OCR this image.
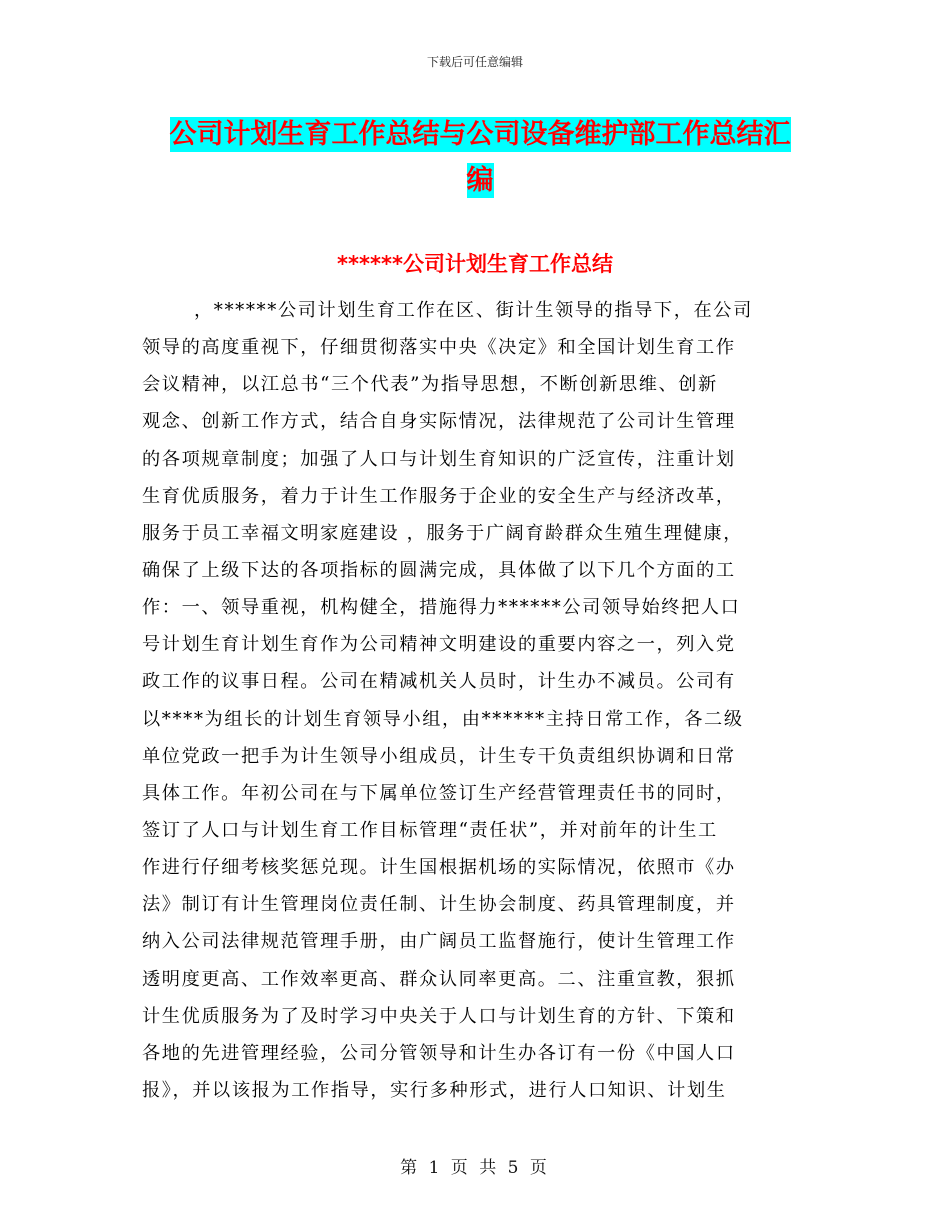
下载后可任意编辑
公司计划生育工作总结与公司设备维护部工作总结汇
编
******公司计划生育工作总结
，******公司计划生育工作在区、街计生领导的指导下，在公司
领导的高度重视下，仔细贯彻落实中央《决定》和全国计划生育工作
会议精神，以江总书“三个代表”为指导思想，不断创新思维、创新
观念、创新工作方式，结合自身实际情况，法律规范了公司计生管理
的各项规章制度；加强了人口与计划生育知识的广泛宣传，注重计划
生育优质服务，着力于计生工作服务于企业的安全生产与经济改革，
服务于员工幸福文明家庭建设 ，服务于广阔育龄群众生殖生理健康，
确保了上级下达的各项指标的圆满完成，具体做了以下几个方面的工
作：一、领导重视，机构健全，措施得力******公司领导始终把人口
号计划生育计划生育作为公司精神文明建设的重要内容之一，列入党
政工作的议事日程。公司在精减机关人员时，计生办不减员。公司有
以****为组长的计划生育领导小组，由******主持日常工作，各二级
单位党政一把手为计生领导小组成员，计生专干负责组织协调和日常
具体工作。年初公司在与下属单位签订生产经营管理责任书的同时，
签订了人口与计划生育工作目标管理“责任状”，并对前年的计生工
作进行仔细考核奖惩兑现。计生国根据机场的实际情况，依照市《办
法》制订有计生管理岗位责任制、计生协会制度、药具管理制度，并
纳入公司法律规范管理手册，由广阔员工监督施行，使计生管理工作
透明度更高、工作效率更高、群众认同率更高。二、注重宣教，狠抓
计生优质服务为了及时学习中央关于人口与计划生育的方针、下策和
各地的先进管理经验，公司分管领导和计生办各订有一份《中国人口
报》，并以该报为工作指导，实行多种形式，进行人口知识、计划生
第 1 页 共 5 页
